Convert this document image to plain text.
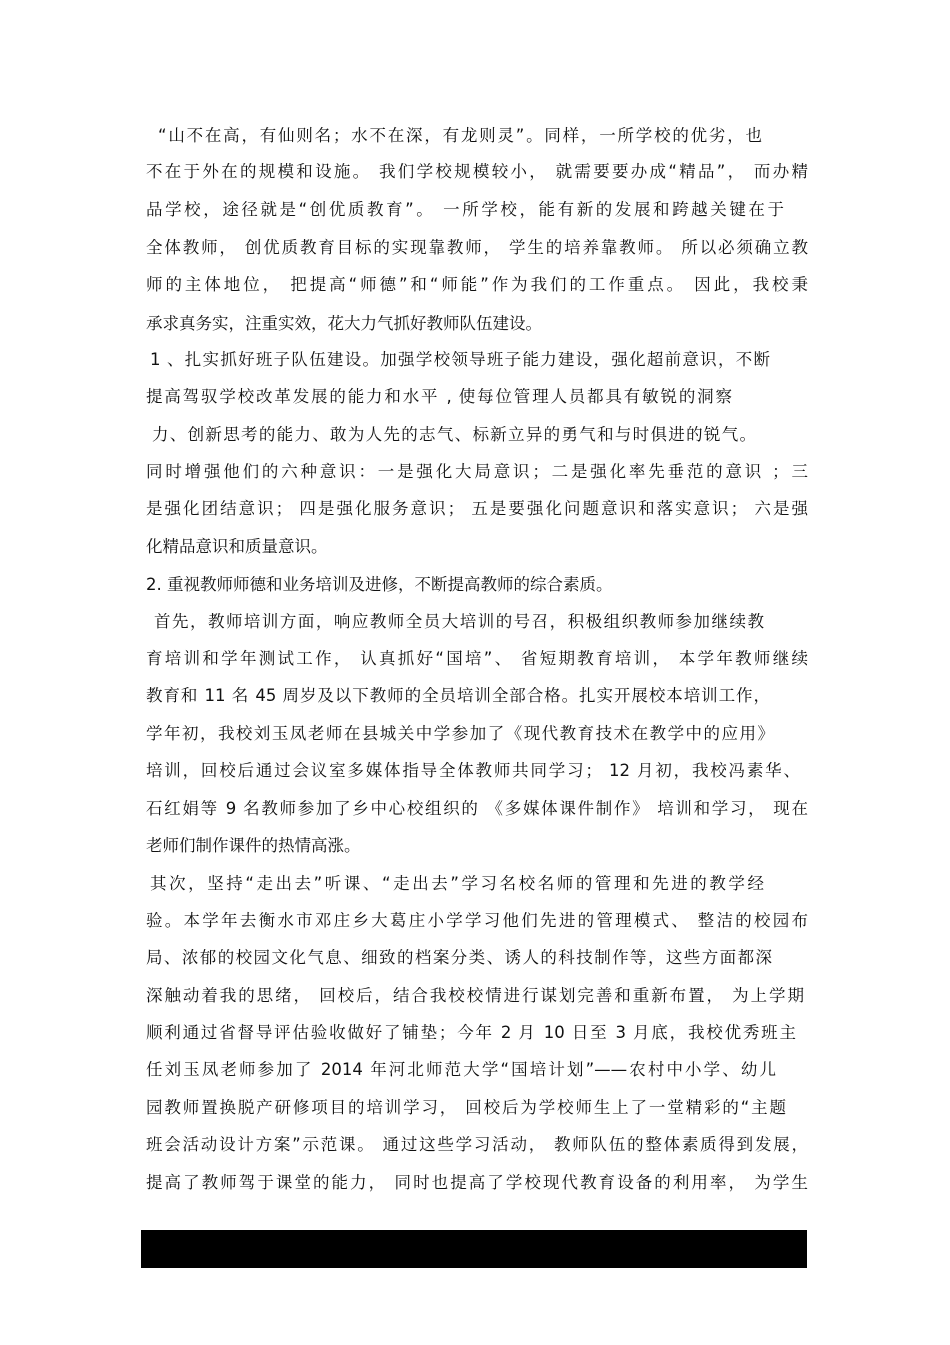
“山不在高，有仙则名；水不在深，有龙则灵”。同样，一所学校的优劣，也
不在于外在的规模和设施。 我们学校规模较小， 就需要要办成“精品”， 而办精
品学校，途径就是“创优质教育”。 一所学校，能有新的发展和跨越关键在于
全体教师， 创优质教育目标的实现靠教师， 学生的培养靠教师。 所以必须确立教
师的主体地位， 把提高“师德”和“师能”作为我们的工作重点。 因此，我校秉
承求真务实，注重实效，花大力气抓好教师队伍建设。
1 、扎实抓好班子队伍建设。加强学校领导班子能力建设，强化超前意识，不断
提高驾驭学校改革发展的能力和水平 , 使每位管理人员都具有敏锐的洞察
力、创新思考的能力、敢为人先的志气、标新立异的勇气和与时俱进的锐气。
同时增强他们的六种意识：一是强化大局意识；二是强化率先垂范的意识 ；三
是强化团结意识； 四是强化服务意识； 五是要强化问题意识和落实意识； 六是强
化精品意识和质量意识。
2. 重视教师师德和业务培训及进修，不断提高教师的综合素质。
首先，教师培训方面，响应教师全员大培训的号召，积极组织教师参加继续教
育培训和学年测试工作， 认真抓好“国培”、 省短期教育培训， 本学年教师继续
教育和 11 名 45 周岁及以下教师的全员培训全部合格。扎实开展校本培训工作，
学年初，我校刘玉凤老师在县城关中学参加了《现代教育技术在教学中的应用》
培训，回校后通过会议室多媒体指导全体教师共同学习； 12 月初，我校冯素华、
石红娟等 9 名教师参加了乡中心校组织的 《多媒体课件制作》 培训和学习， 现在
老师们制作课件的热情高涨。
其次，坚持“走出去”听课、“走出去”学习名校名师的管理和先进的教学经
验。本学年去衡水市邓庄乡大葛庄小学学习他们先进的管理模式、 整洁的校园布
局、浓郁的校园文化气息、细致的档案分类、诱人的科技制作等，这些方面都深
深触动着我的思绪， 回校后，结合我校校情进行谋划完善和重新布置， 为上学期
顺利通过省督导评估验收做好了铺垫；今年 2 月 10 日至 3 月底，我校优秀班主
任刘玉凤老师参加了 2014 年河北师范大学“国培计划”——农村中小学、幼儿
园教师置换脱产研修项目的培训学习， 回校后为学校师生上了一堂精彩的“主题
班会活动设计方案”示范课。 通过这些学习活动， 教师队伍的整体素质得到发展，
提高了教师驾于课堂的能力， 同时也提高了学校现代教育设备的利用率， 为学生
